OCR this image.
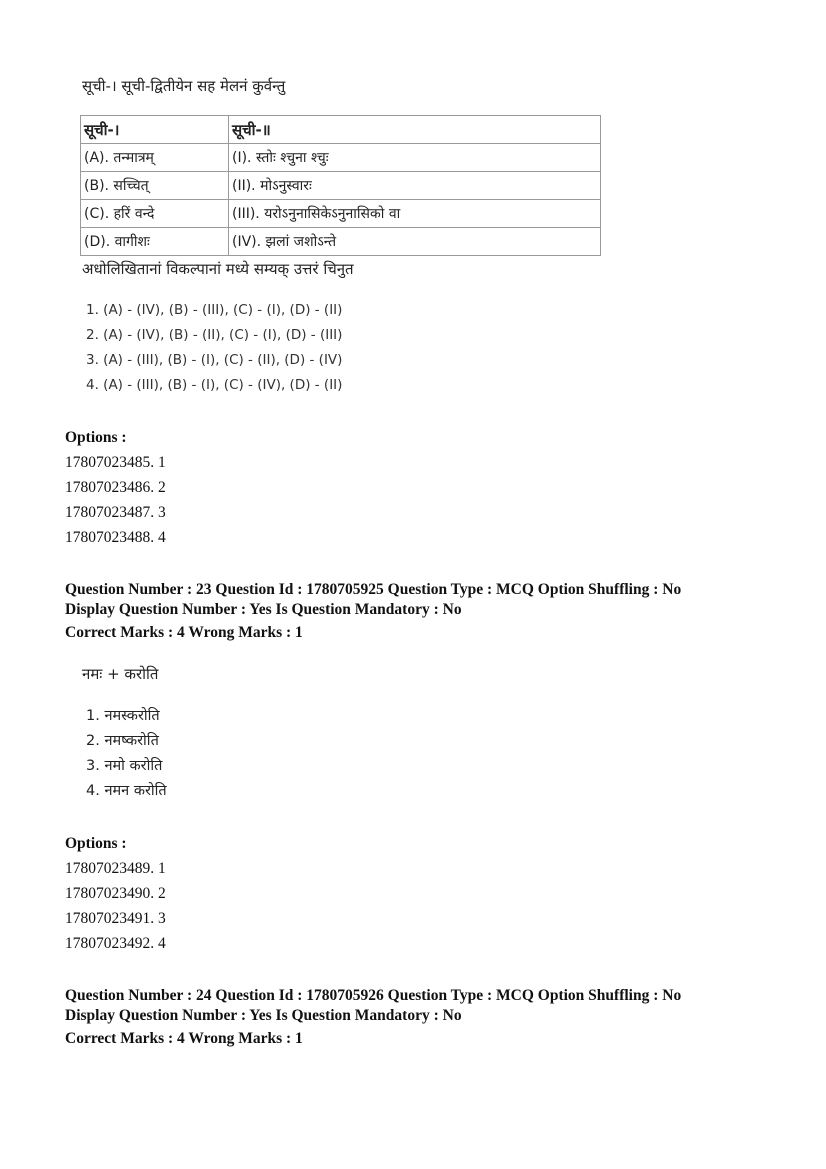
सूची-। सूची-द्वितीयेन सह मेलनं कुर्वन्तु
सूची-।	सूची-॥
(A). तन्मात्रम्	(I). स्तोः श्चुना श्चुः
(B). सच्चित्	(II). मोऽनुस्वारः
(C). हरिं वन्दे	(III). यरोऽनुनासिकेऽनुनासिको वा
(D). वागीशः	(IV). झलां जशोऽन्ते
अधोलिखितानां विकल्पानां मध्ये सम्यक् उत्तरं चिनुत
1. (A) - (IV), (B) - (III), (C) - (I), (D) - (II)
2. (A) - (IV), (B) - (II), (C) - (I), (D) - (III)
3. (A) - (III), (B) - (I), (C) - (II), (D) - (IV)
4. (A) - (III), (B) - (I), (C) - (IV), (D) - (II)
Options :
17807023485. 1
17807023486. 2
17807023487. 3
17807023488. 4
Question Number : 23 Question Id : 1780705925 Question Type : MCQ Option Shuffling : No
Display Question Number : Yes Is Question Mandatory : No
Correct Marks : 4 Wrong Marks : 1
नमः + करोति
1. नमस्करोति
2. नमष्करोति
3. नमो करोति
4. नमन करोति
Options :
17807023489. 1
17807023490. 2
17807023491. 3
17807023492. 4
Question Number : 24 Question Id : 1780705926 Question Type : MCQ Option Shuffling : No
Display Question Number : Yes Is Question Mandatory : No
Correct Marks : 4 Wrong Marks : 1
